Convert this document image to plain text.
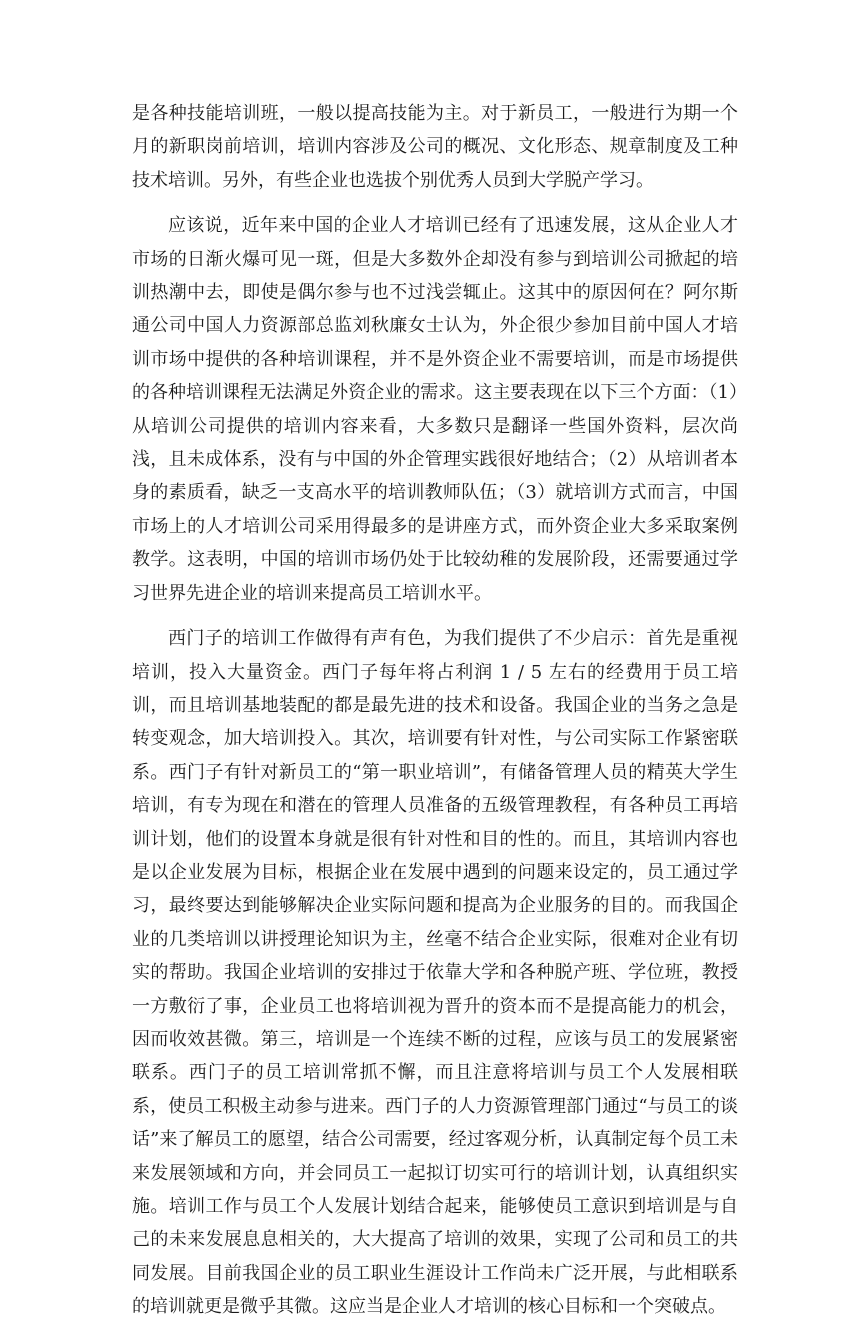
是各种技能培训班，一般以提高技能为主。对于新员工，一般进行为期一个月的新职岗前培训，培训内容涉及公司的概况、文化形态、规章制度及工种技术培训。另外，有些企业也选拔个别优秀人员到大学脱产学习。

应该说，近年来中国的企业人才培训已经有了迅速发展，这从企业人才市场的日渐火爆可见一斑，但是大多数外企却没有参与到培训公司掀起的培训热潮中去，即使是偶尔参与也不过浅尝辄止。这其中的原因何在？阿尔斯通公司中国人力资源部总监刘秋廉女士认为，外企很少参加目前中国人才培训市场中提供的各种培训课程，并不是外资企业不需要培训，而是市场提供的各种培训课程无法满足外资企业的需求。这主要表现在以下三个方面：（1）从培训公司提供的培训内容来看，大多数只是翻译一些国外资料，层次尚浅，且未成体系，没有与中国的外企管理实践很好地结合；（2）从培训者本身的素质看，缺乏一支高水平的培训教师队伍；（3）就培训方式而言，中国市场上的人才培训公司采用得最多的是讲座方式，而外资企业大多采取案例教学。这表明，中国的培训市场仍处于比较幼稚的发展阶段，还需要通过学习世界先进企业的培训来提高员工培训水平。

西门子的培训工作做得有声有色，为我们提供了不少启示：首先是重视培训，投入大量资金。西门子每年将占利润 1 / 5 左右的经费用于员工培训，而且培训基地装配的都是最先进的技术和设备。我国企业的当务之急是转变观念，加大培训投入。其次，培训要有针对性，与公司实际工作紧密联系。西门子有针对新员工的“第一职业培训”，有储备管理人员的精英大学生培训，有专为现在和潜在的管理人员准备的五级管理教程，有各种员工再培训计划，他们的设置本身就是很有针对性和目的性的。而且，其培训内容也是以企业发展为目标，根据企业在发展中遇到的问题来设定的，员工通过学习，最终要达到能够解决企业实际问题和提高为企业服务的目的。而我国企业的几类培训以讲授理论知识为主，丝毫不结合企业实际，很难对企业有切实的帮助。我国企业培训的安排过于依靠大学和各种脱产班、学位班，教授一方敷衍了事，企业员工也将培训视为晋升的资本而不是提高能力的机会，因而收效甚微。第三，培训是一个连续不断的过程，应该与员工的发展紧密联系。西门子的员工培训常抓不懈，而且注意将培训与员工个人发展相联系，使员工积极主动参与进来。西门子的人力资源管理部门通过“与员工的谈话”来了解员工的愿望，结合公司需要，经过客观分析，认真制定每个员工未来发展领域和方向，并会同员工一起拟订切实可行的培训计划，认真组织实施。培训工作与员工个人发展计划结合起来，能够使员工意识到培训是与自己的未来发展息息相关的，大大提高了培训的效果，实现了公司和员工的共同发展。目前我国企业的员工职业生涯设计工作尚未广泛开展，与此相联系的培训就更是微乎其微。这应当是企业人才培训的核心目标和一个突破点。
